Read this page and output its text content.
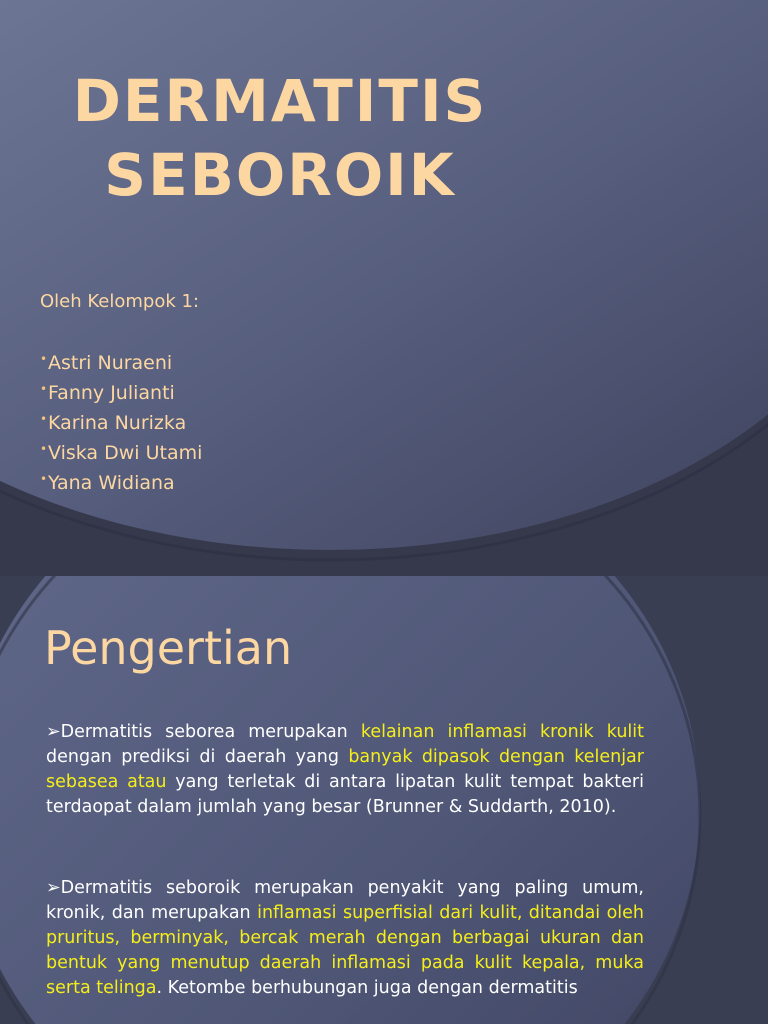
DERMATITIS
SEBOROIK
Oleh Kelompok 1:
• Astri Nuraeni
• Fanny Julianti
• Karina Nurizka
• Viska Dwi Utami
• Yana Widiana
Pengertian
➢Dermatitis seborea merupakan kelainan inflamasi kronik kulit dengan prediksi di daerah yang banyak dipasok dengan kelenjar sebasea atau yang terletak di antara lipatan kulit tempat bakteri terdaopat dalam jumlah yang besar (Brunner & Suddarth, 2010).
➢Dermatitis seboroik merupakan penyakit yang paling umum, kronik, dan merupakan inflamasi superfisial dari kulit, ditandai oleh pruritus, berminyak, bercak merah dengan berbagai ukuran dan bentuk yang menutup daerah inflamasi pada kulit kepala, muka serta telinga. Ketombe berhubungan juga dengan dermatitis
